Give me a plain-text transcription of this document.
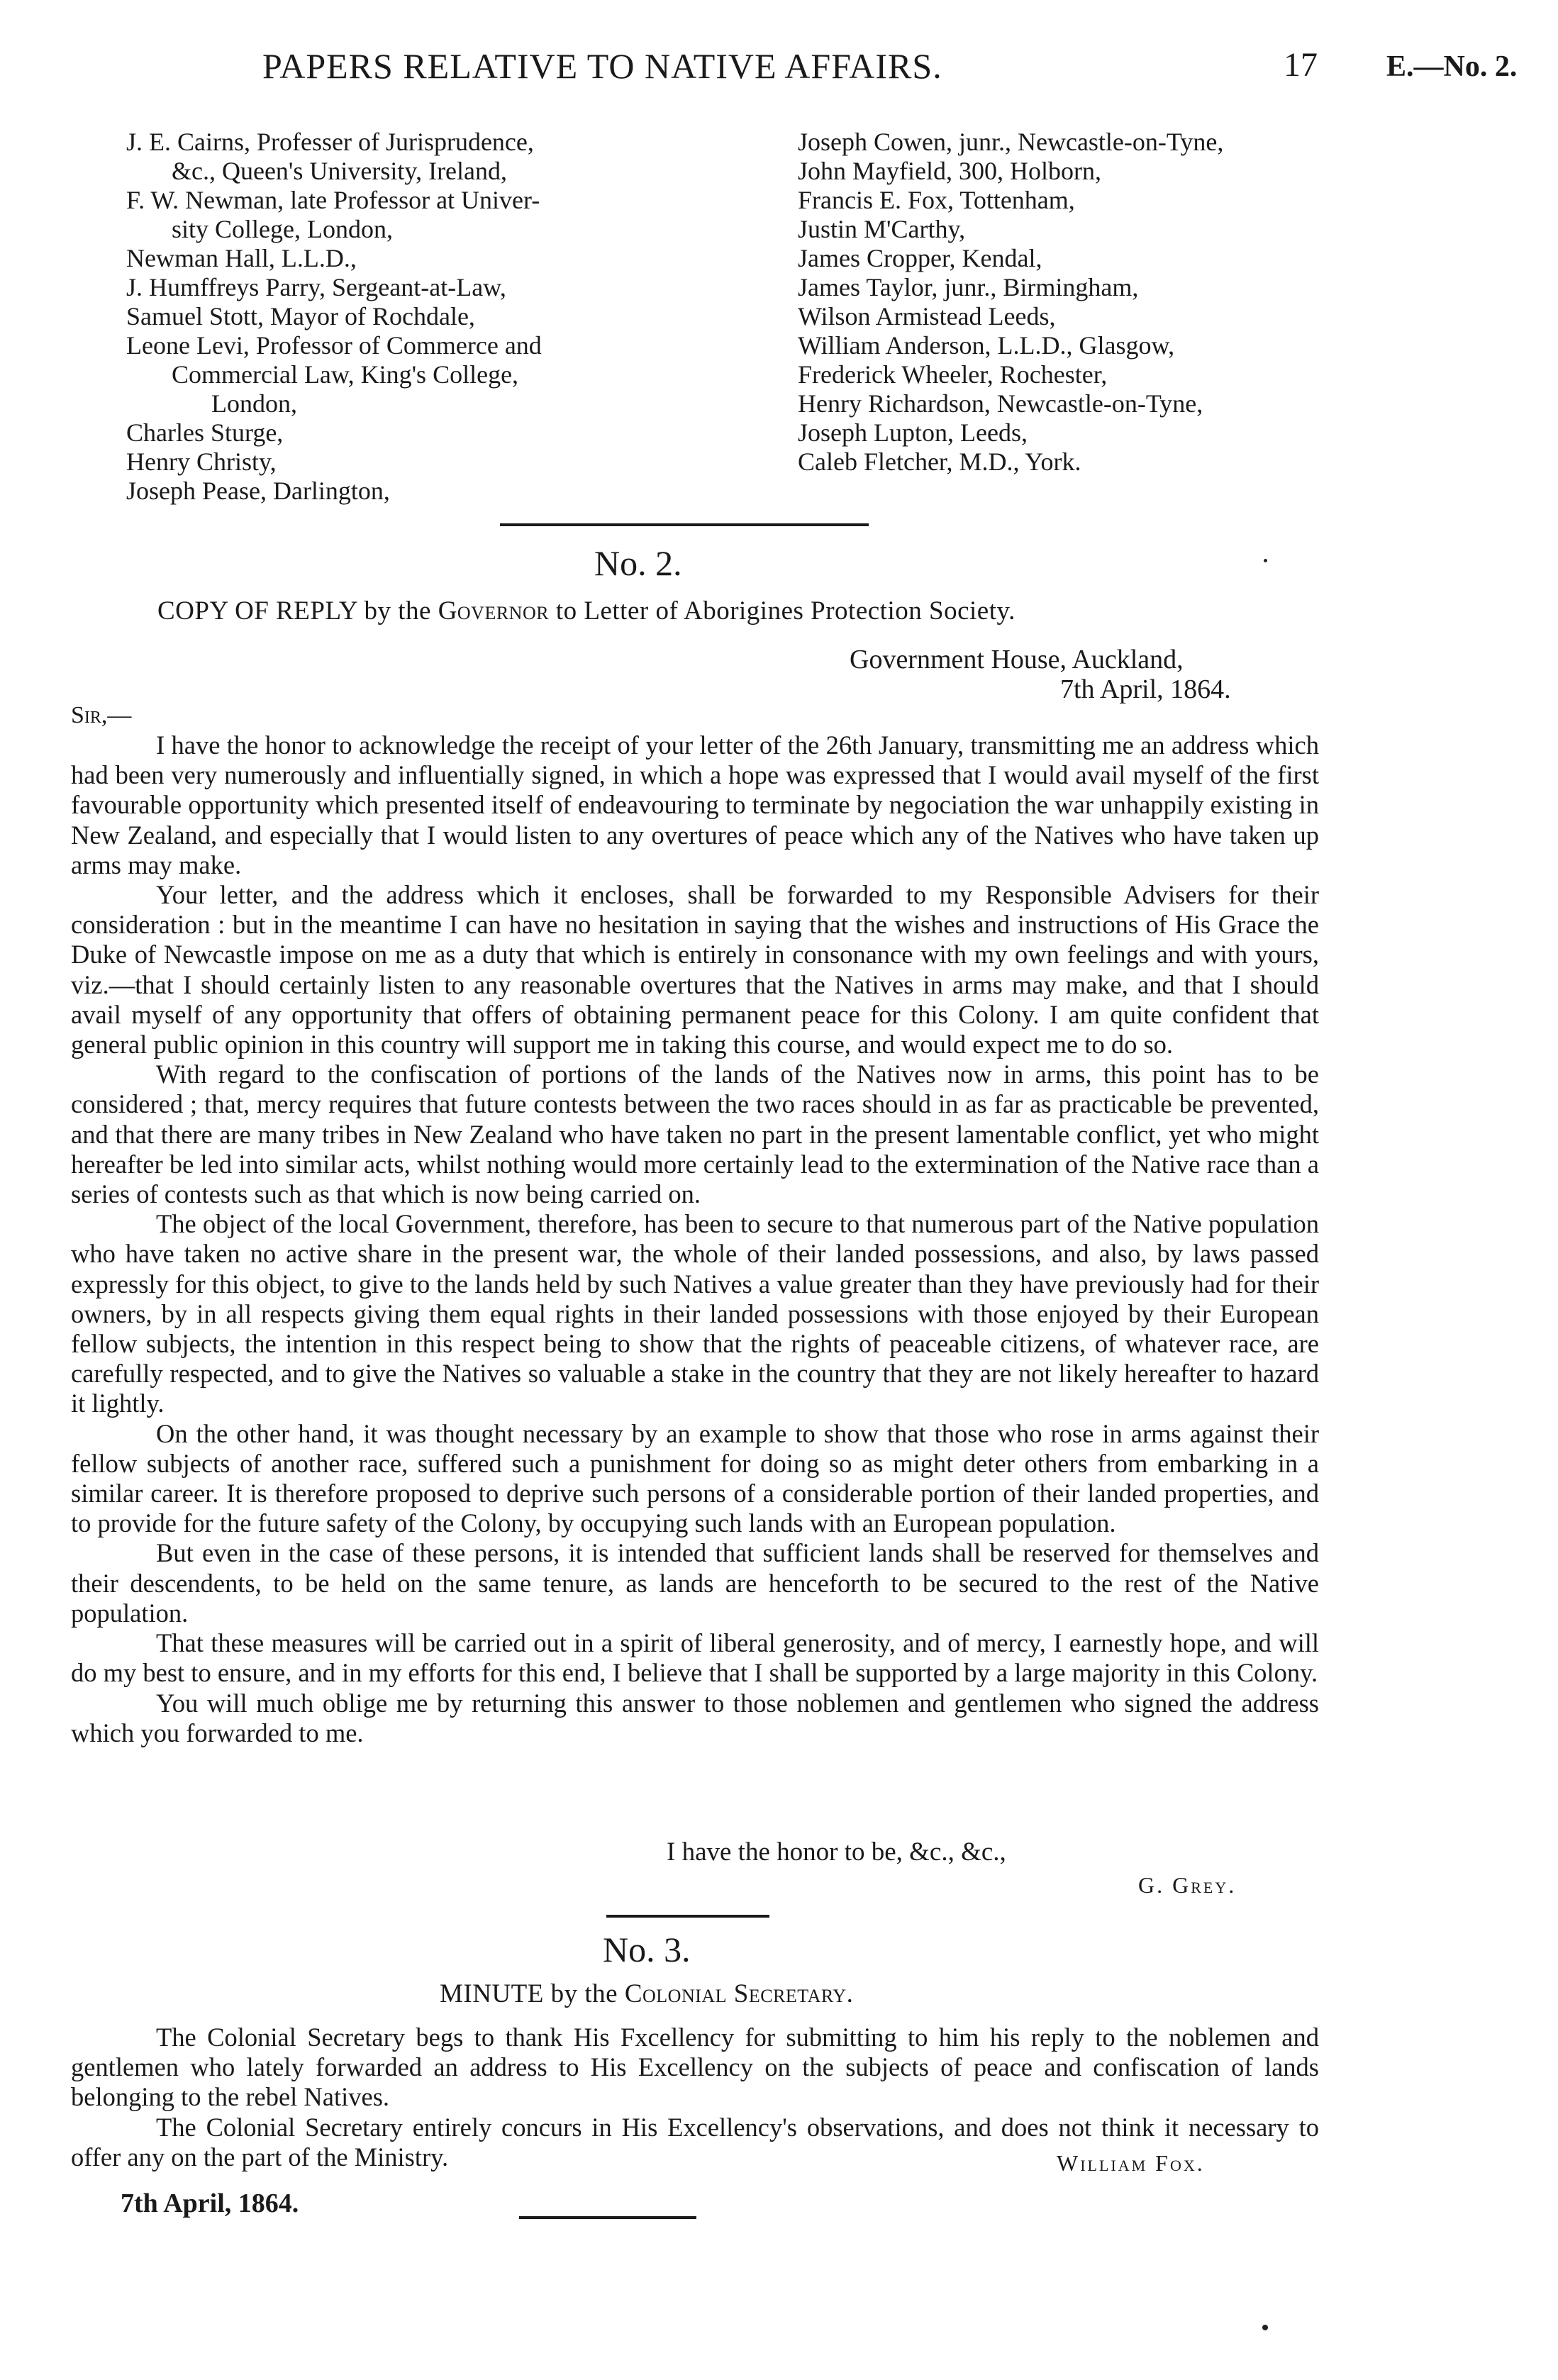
PAPERS RELATIVE TO NATIVE AFFAIRS.	17 E.—No. 2.
J. E. Cairns, Professer of Jurisprudence,
&c., Queen's University, Ireland,
F. W. Newman, late Professor at Univer-
sity College, London,
Newman Hall, L.L.D.,
J. Humffreys Parry, Sergeant-at-Law,
Samuel Stott, Mayor of Rochdale,
Leone Levi, Professor of Commerce and
Commercial Law, King's College,
London,
Charles Sturge,
Henry Christy,
Joseph Pease, Darlington,
Joseph Cowen, junr., Newcastle-on-Tyne,
John Mayfield, 300, Holborn,
Francis E. Fox, Tottenham,
Justin M'Carthy,
James Cropper, Kendal,
James Taylor, junr., Birmingham,
Wilson Armistead Leeds,
William Anderson, L.L.D., Glasgow,
Frederick Wheeler, Rochester,
Henry Richardson, Newcastle-on-Tyne,
Joseph Lupton, Leeds,
Caleb Fletcher, M.D., York.
No. 2.
COPY OF REPLY by the Governor to Letter of Aborigines Protection Society.
Government House, Auckland,
7th April, 1864.
Sir,—

I have the honor to acknowledge the receipt of your letter of the 26th January, transmitting me an address which had been very numerously and influentially signed, in which a hope was expressed that I would avail myself of the first favourable opportunity which presented itself of endeavouring to terminate by negociation the war unhappily existing in New Zealand, and especially that I would listen to any overtures of peace which any of the Natives who have taken up arms may make.

Your letter, and the address which it encloses, shall be forwarded to my Responsible Advisers for their consideration : but in the meantime I can have no hesitation in saying that the wishes and instructions of His Grace the Duke of Newcastle impose on me as a duty that which is entirely in consonance with my own feelings and with yours, viz.—that I should certainly listen to any reasonable overtures that the Natives in arms may make, and that I should avail myself of any opportunity that offers of obtaining permanent peace for this Colony. I am quite confident that general public opinion in this country will support me in taking this course, and would expect me to do so.

With regard to the confiscation of portions of the lands of the Natives now in arms, this point has to be considered ; that, mercy requires that future contests between the two races should in as far as practicable be prevented, and that there are many tribes in New Zealand who have taken no part in the present lamentable conflict, yet who might hereafter be led into similar acts, whilst nothing would more certainly lead to the extermination of the Native race than a series of contests such as that which is now being carried on.

The object of the local Government, therefore, has been to secure to that numerous part of the Native population who have taken no active share in the present war, the whole of their landed possessions, and also, by laws passed expressly for this object, to give to the lands held by such Natives a value greater than they have previously had for their owners, by in all respects giving them equal rights in their landed possessions with those enjoyed by their European fellow subjects, the intention in this respect being to show that the rights of peaceable citizens, of whatever race, are carefully respected, and to give the Natives so valuable a stake in the country that they are not likely hereafter to hazard it lightly.

On the other hand, it was thought necessary by an example to show that those who rose in arms against their fellow subjects of another race, suffered such a punishment for doing so as might deter others from embarking in a similar career. It is therefore proposed to deprive such persons of a considerable portion of their landed properties, and to provide for the future safety of the Colony, by occupying such lands with an European population.

But even in the case of these persons, it is intended that sufficient lands shall be reserved for themselves and their descendents, to be held on the same tenure, as lands are henceforth to be secured to the rest of the Native population.

That these measures will be carried out in a spirit of liberal generosity, and of mercy, I earnestly hope, and will do my best to ensure, and in my efforts for this end, I believe that I shall be supported by a large majority in this Colony.

You will much oblige me by returning this answer to those noblemen and gentlemen who signed the address which you forwarded to me.

I have the honor to be, &c., &c.,
G. Grey.
No. 3.
MINUTE by the Colonial Secretary.

The Colonial Secretary begs to thank His Fxcellency for submitting to him his reply to the noblemen and gentlemen who lately forwarded an address to His Excellency on the subjects of peace and confiscation of lands belonging to the rebel Natives.

The Colonial Secretary entirely concurs in His Excellency's observations, and does not think it necessary to offer any on the part of the Ministry.	William Fox.
7th April, 1864.
